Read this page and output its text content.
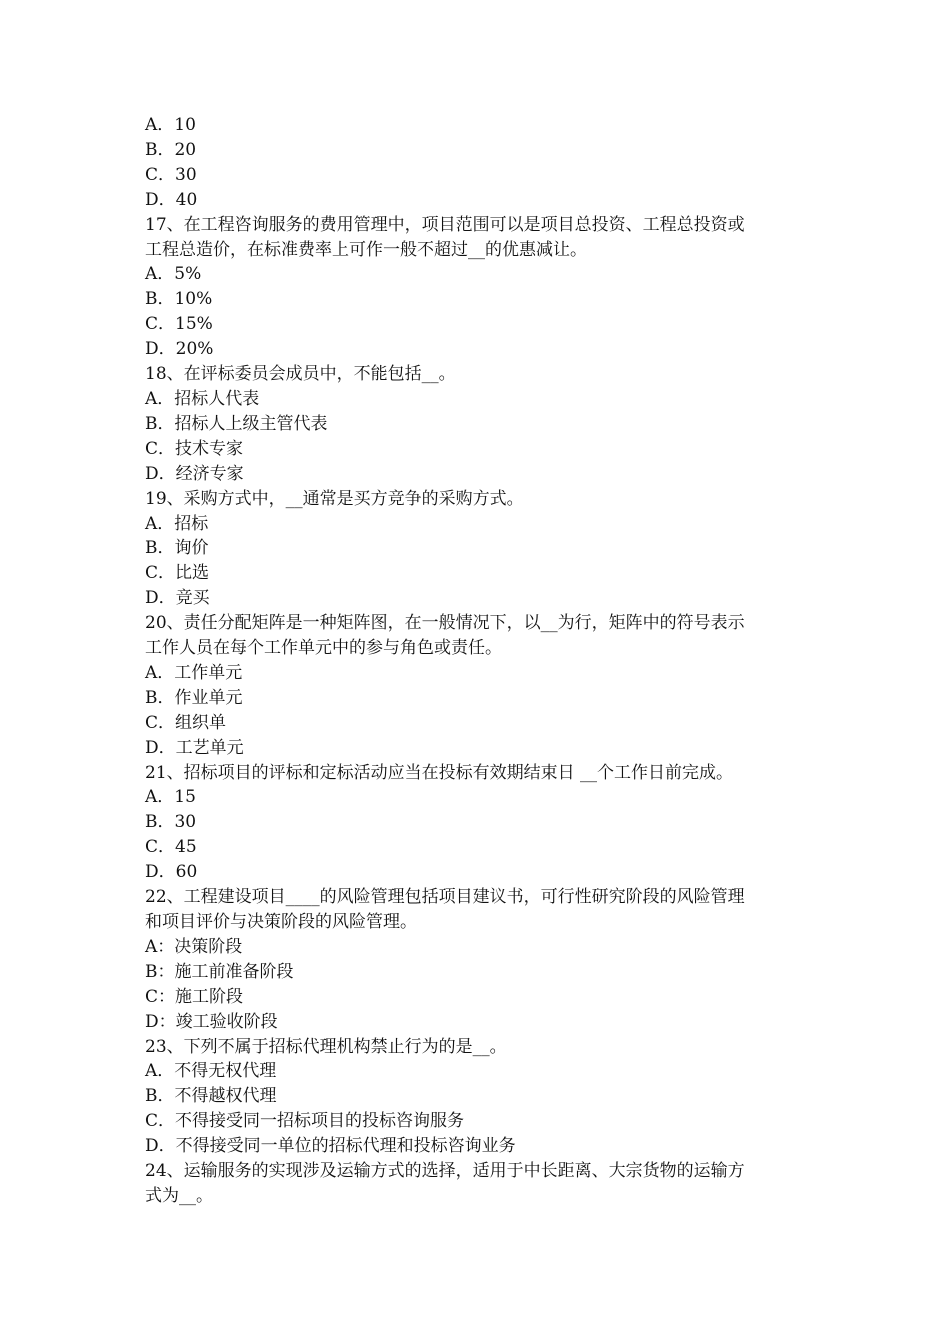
A．10
B．20
C．30
D．40
17、在工程咨询服务的费用管理中，项目范围可以是项目总投资、工程总投资或
工程总造价，在标准费率上可作一般不超过__的优惠减让。
A．5%
B．10%
C．15%
D．20%
18、在评标委员会成员中，不能包括__。
A．招标人代表
B．招标人上级主管代表
C．技术专家
D．经济专家
19、采购方式中，__通常是买方竞争的采购方式。
A．招标
B．询价
C．比选
D．竞买
20、责任分配矩阵是一种矩阵图，在一般情况下，以__为行，矩阵中的符号表示
工作人员在每个工作单元中的参与角色或责任。
A．工作单元
B．作业单元
C．组织单
D．工艺单元
21、招标项目的评标和定标活动应当在投标有效期结束日 __个工作日前完成。
A．15
B．30
C．45
D．60
22、工程建设项目____的风险管理包括项目建议书，可行性研究阶段的风险管理
和项目评价与决策阶段的风险管理。
A：决策阶段
B：施工前准备阶段
C：施工阶段
D：竣工验收阶段
23、下列不属于招标代理机构禁止行为的是__。
A．不得无权代理
B．不得越权代理
C．不得接受同一招标项目的投标咨询服务
D．不得接受同一单位的招标代理和投标咨询业务
24、运输服务的实现涉及运输方式的选择，适用于中长距离、大宗货物的运输方
式为__。
